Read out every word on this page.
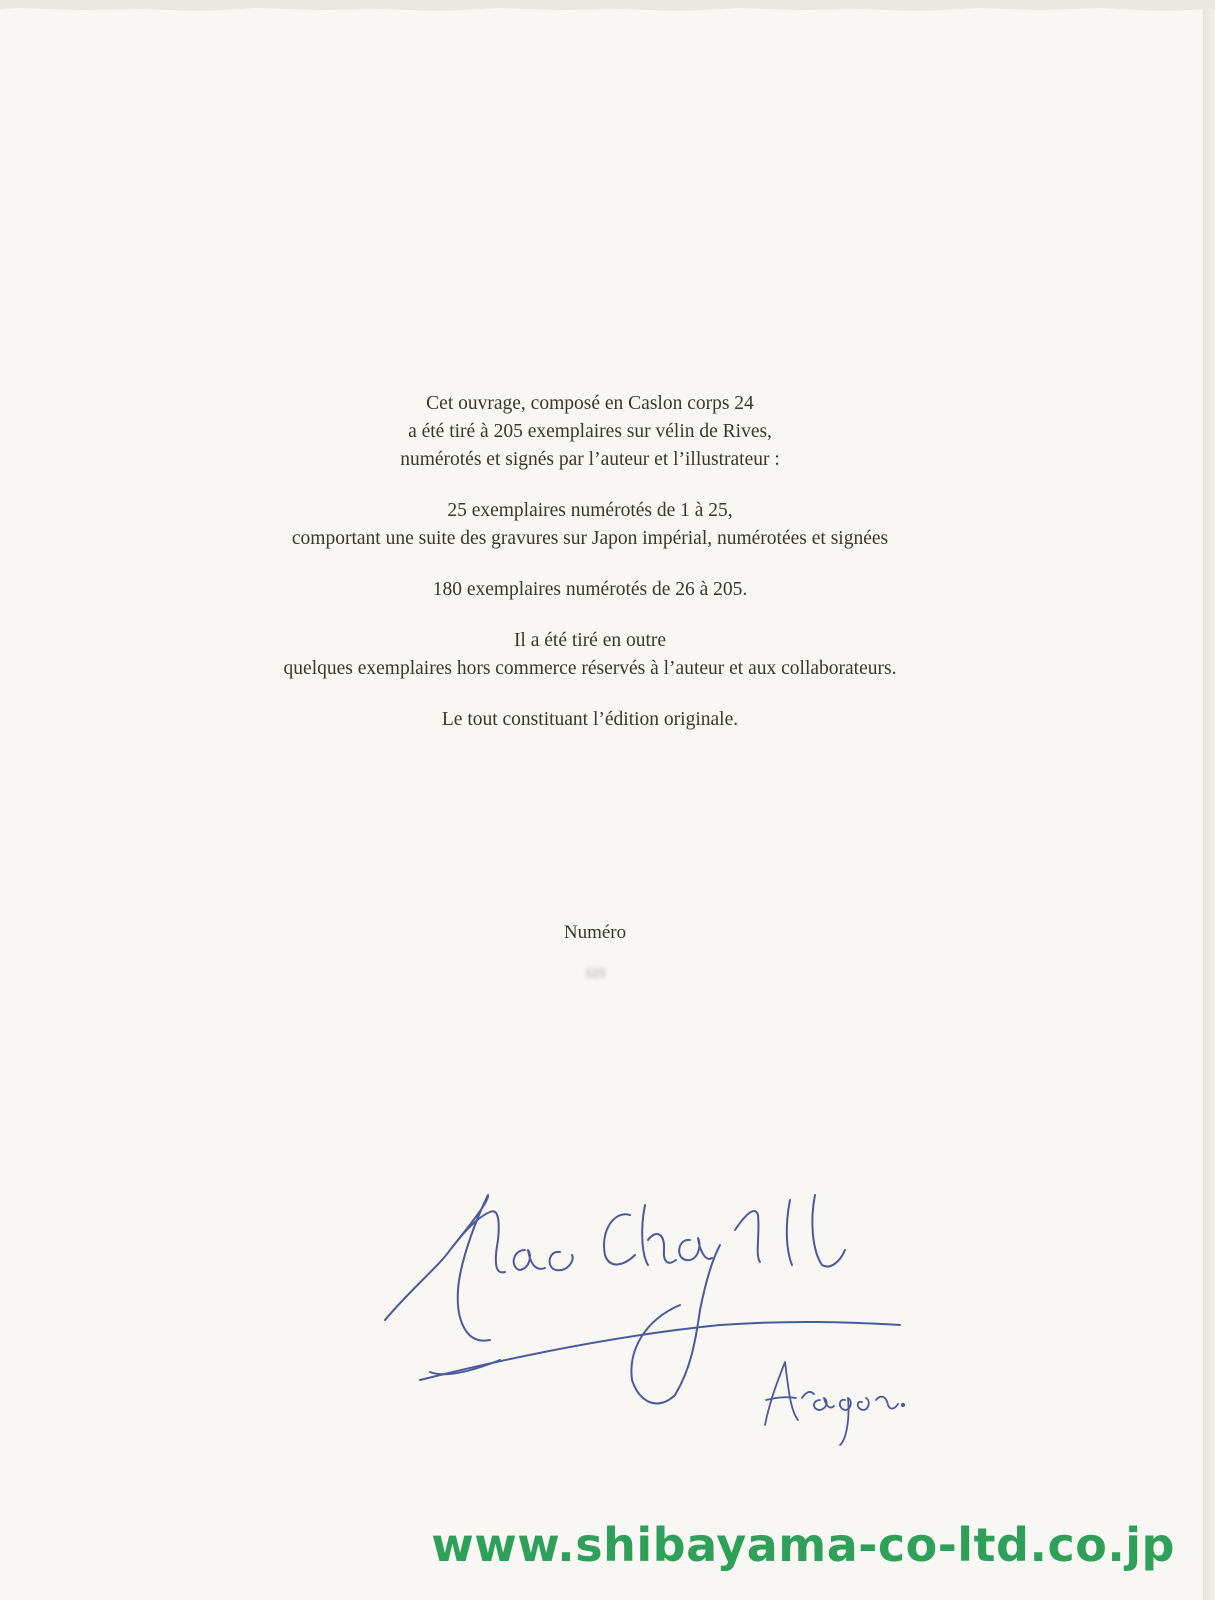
Cet ouvrage, composé en Caslon corps 24

a été tiré à 205 exemplaires sur vélin de Rives,

numérotés et signés par l’auteur et l’illustrateur :

25 exemplaires numérotés de 1 à 25,

comportant une suite des gravures sur Japon impérial, numérotées et signées

180 exemplaires numérotés de 26 à 205.

Il a été tiré en outre

quelques exemplaires hors commerce réservés à l’auteur et aux collaborateurs.

Le tout constituant l’édition originale.

Numéro
123
www.shibayama-co-ltd.co.jp
